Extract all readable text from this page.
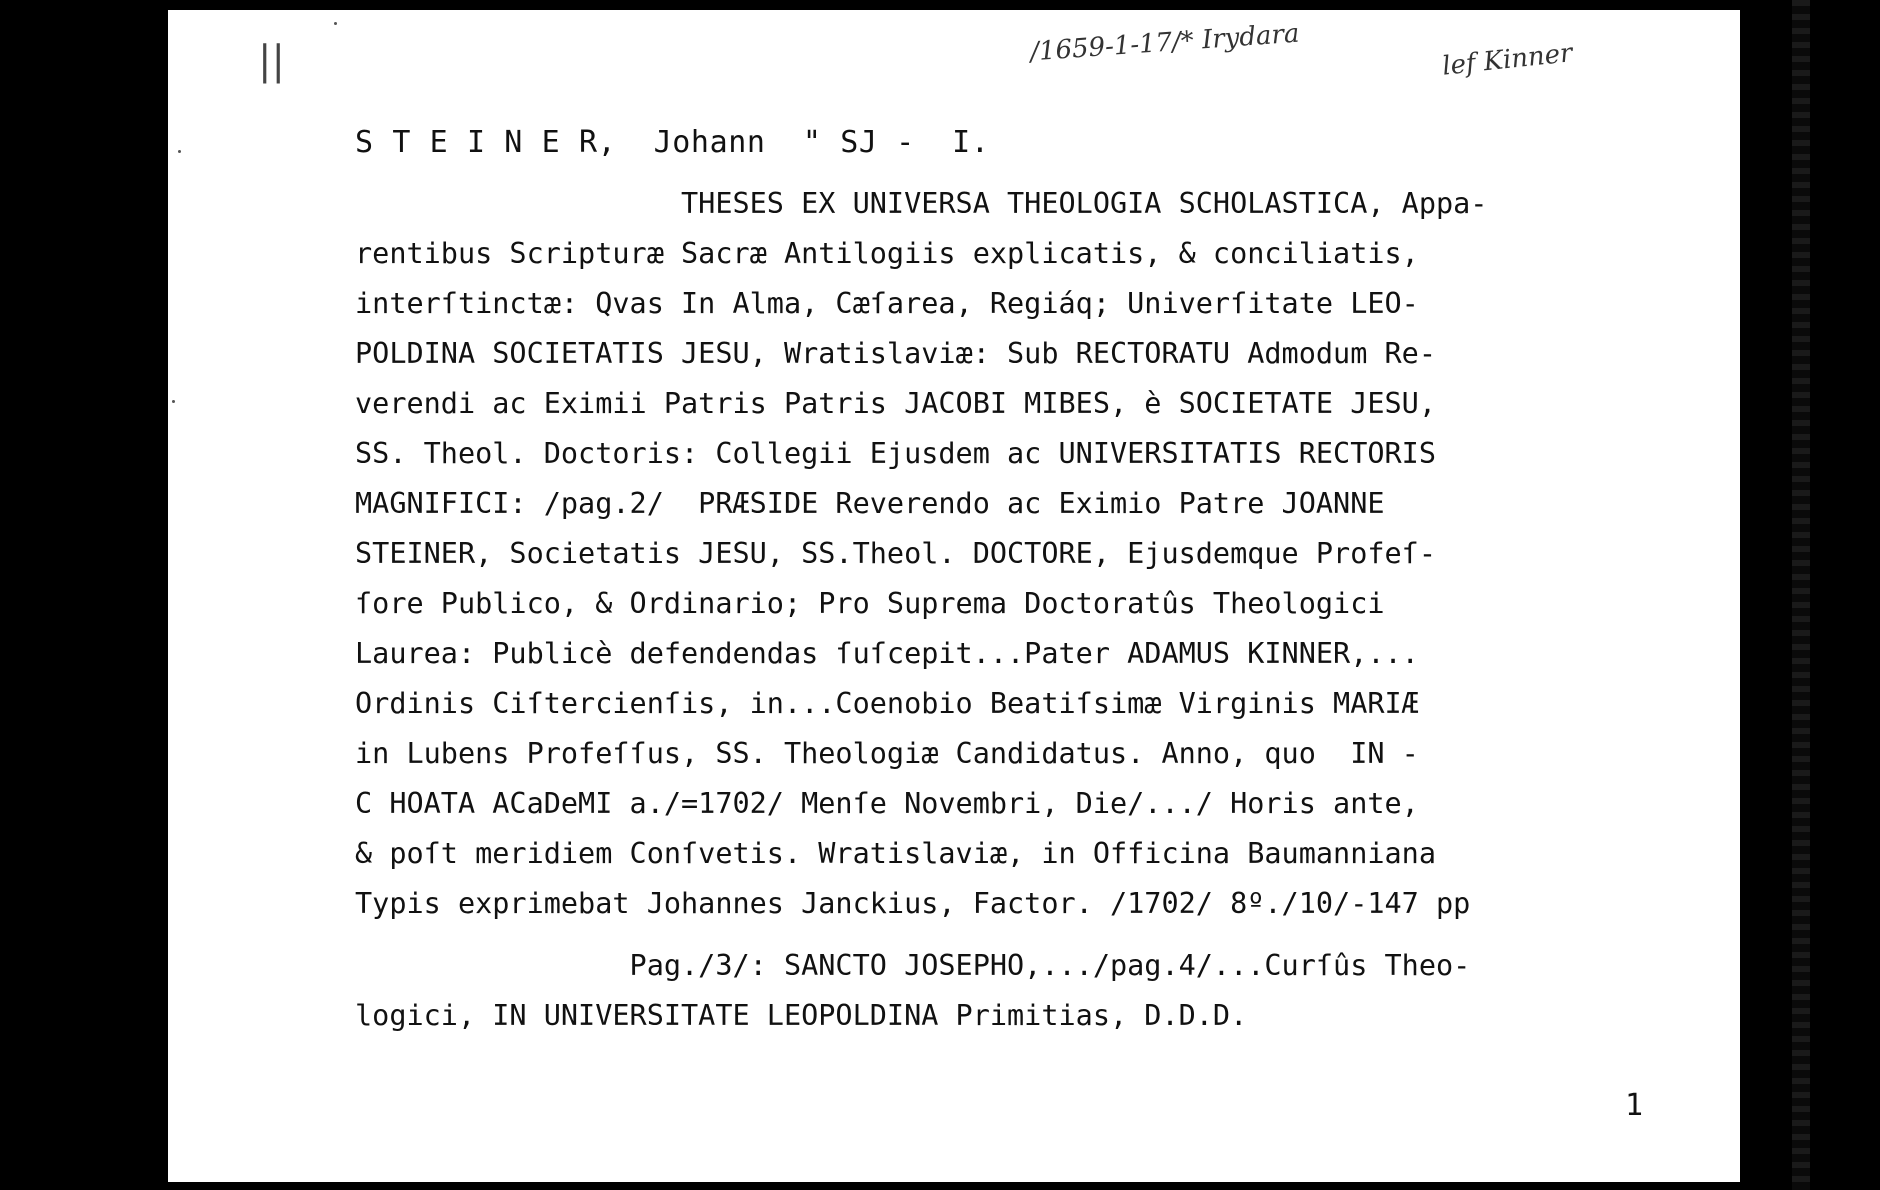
||	/1659-1-17/* Irydara	lef Kinner
S T E I N E R,  Johann  " SJ -  I.
THESES EX UNIVERSA THEOLOGIA SCHOLASTICA, Appa-
rentibus Scripturæ Sacræ Antilogiis explicatis, & conciliatis,
interſtinctæ: Qvas In Alma, Cæſarea, Regiáq; Univerſitate LEO-
POLDINA SOCIETATIS JESU, Wratislaviæ: Sub RECTORATU Admodum Re-
verendi ac Eximii Patris Patris JACOBI MIBES, è SOCIETATE JESU,
SS. Theol. Doctoris: Collegii Ejusdem ac UNIVERSITATIS RECTORIS
MAGNIFICI: /pag.2/  PRÆSIDE Reverendo ac Eximio Patre JOANNE
STEINER, Societatis JESU, SS.Theol. DOCTORE, Ejusdemque Profeſ-
ſore Publico, & Ordinario; Pro Suprema Doctoratûs Theologici
Laurea: Publicè defendendas ſuſcepit...Pater ADAMUS KINNER,...
Ordinis Ciſtercienſis, in...Coenobio Beatiſsimæ Virginis MARIÆ
in Lubens Profeſſus, SS. Theologiæ Candidatus. Anno, quo  IN -
C HOATA ACaDeMI a./=1702/ Menſe Novembri, Die/.../ Horis ante,
& poſt meridiem Conſvetis. Wratislaviæ, in Officina Baumanniana
Typis exprimebat Johannes Janckius, Factor. /1702/ 8º./10/-147 pp
Pag./3/: SANCTO JOSEPHO,.../pag.4/...Curſûs Theo-
logici, IN UNIVERSITATE LEOPOLDINA Primitias, D.D.D.
1
